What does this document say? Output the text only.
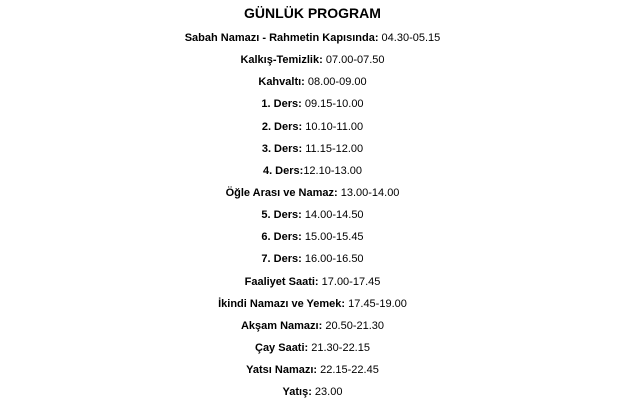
GÜNLÜK PROGRAM
Sabah Namazı - Rahmetin Kapısında: 04.30-05.15
Kalkış-Temizlik: 07.00-07.50
Kahvaltı: 08.00-09.00
1. Ders: 09.15-10.00
2. Ders: 10.10-11.00
3. Ders: 11.15-12.00
4. Ders:12.10-13.00
Öğle Arası ve Namaz: 13.00-14.00
5. Ders: 14.00-14.50
6. Ders: 15.00-15.45
7. Ders: 16.00-16.50
Faaliyet Saati: 17.00-17.45
İkindi Namazı ve Yemek: 17.45-19.00
Akşam Namazı: 20.50-21.30
Çay Saati: 21.30-22.15
Yatsı Namazı: 22.15-22.45
Yatış: 23.00
